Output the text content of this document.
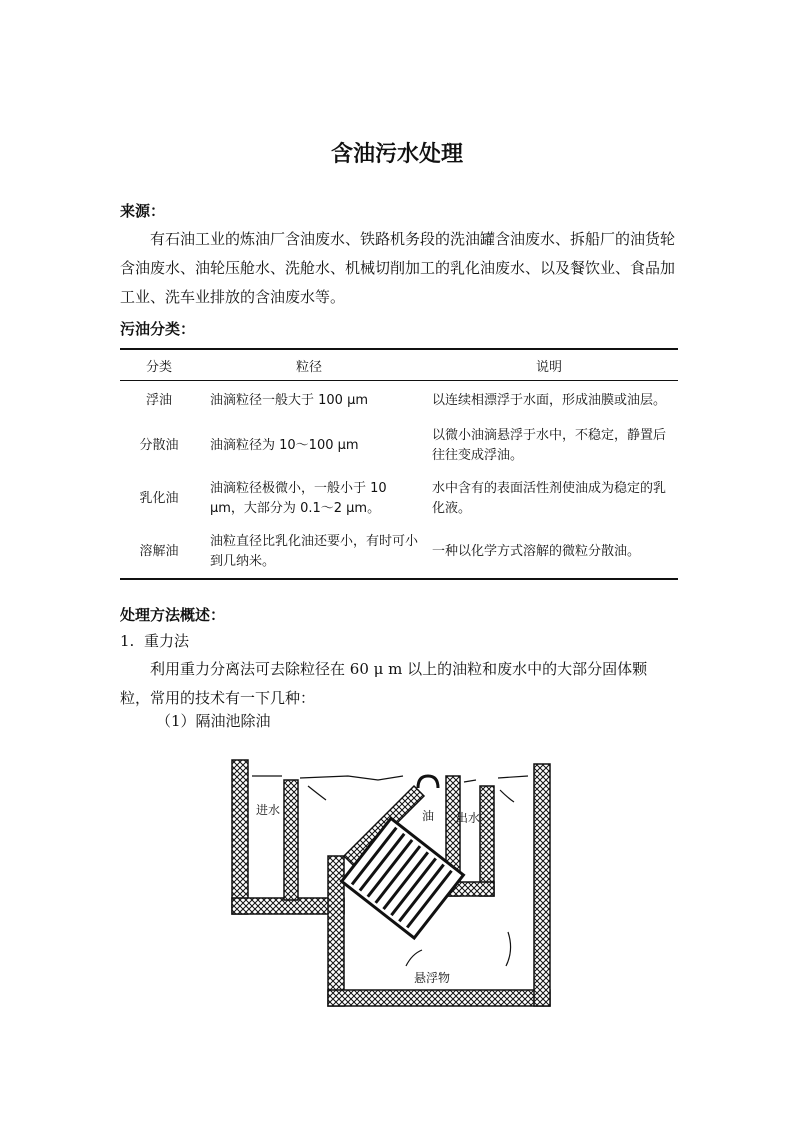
含油污水处理
来源：
有石油工业的炼油厂含油废水、铁路机务段的洗油罐含油废水、拆船厂的油货轮含油废水、油轮压舱水、洗舱水、机械切削加工的乳化油废水、以及餐饮业、食品加工业、洗车业排放的含油废水等。
污油分类：
分类	粒径	说明
浮油	油滴粒径一般大于 100 μm	以连续相漂浮于水面，形成油膜或油层。
分散油	油滴粒径为 10～100 μm	以微小油滴悬浮于水中，不稳定，静置后往往变成浮油。
乳化油	油滴粒径极微小，一般小于 10 μm，大部分为 0.1～2 μm。	水中含有的表面活性剂使油成为稳定的乳化液。
溶解油	油粒直径比乳化油还要小，有时可小到几纳米。	一种以化学方式溶解的微粒分散油。
处理方法概述：
1. 重力法
利用重力分离法可去除粒径在 60 μ m 以上的油粒和废水中的大部分固体颗粒，常用的技术有一下几种：
（1）隔油池除油
进水	油 出水
悬浮物
